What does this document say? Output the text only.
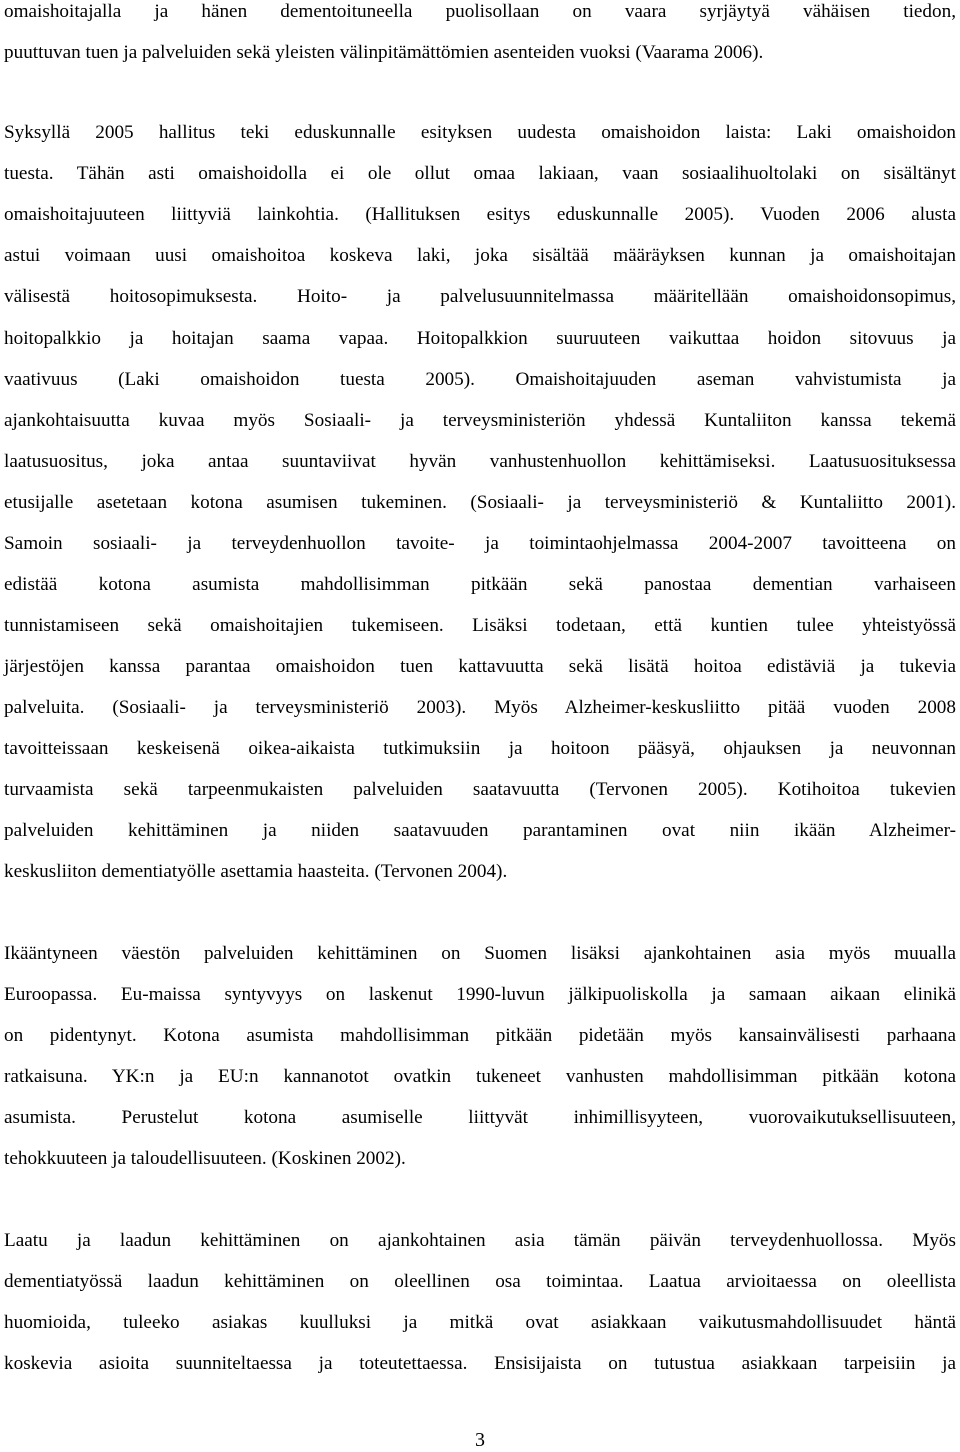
omaishoitajalla ja hänen dementoituneella puolisollaan on vaara syrjäytyä vähäisen tiedon,
puuttuvan tuen ja palveluiden sekä yleisten välinpitämättömien asenteiden vuoksi (Vaarama 2006).
Syksyllä 2005 hallitus teki eduskunnalle esityksen uudesta omaishoidon laista: Laki omaishoidon
tuesta. Tähän asti omaishoidolla ei ole ollut omaa lakiaan, vaan sosiaalihuoltolaki on sisältänyt
omaishoitajuuteen liittyviä lainkohtia. (Hallituksen esitys eduskunnalle 2005). Vuoden 2006 alusta
astui voimaan uusi omaishoitoa koskeva laki, joka sisältää määräyksen kunnan ja omaishoitajan
välisestä hoitosopimuksesta. Hoito- ja palvelusuunnitelmassa määritellään omaishoidonsopimus,
hoitopalkkio ja hoitajan saama vapaa. Hoitopalkkion suuruuteen vaikuttaa hoidon sitovuus ja
vaativuus (Laki omaishoidon tuesta 2005). Omaishoitajuuden aseman vahvistumista ja
ajankohtaisuutta kuvaa myös Sosiaali- ja terveysministeriön yhdessä Kuntaliiton kanssa tekemä
laatusuositus, joka antaa suuntaviivat hyvän vanhustenhuollon kehittämiseksi. Laatusuosituksessa
etusijalle asetetaan kotona asumisen tukeminen. (Sosiaali- ja terveysministeriö & Kuntaliitto 2001).
Samoin sosiaali- ja terveydenhuollon tavoite- ja toimintaohjelmassa 2004-2007 tavoitteena on
edistää kotona asumista mahdollisimman pitkään sekä panostaa dementian varhaiseen
tunnistamiseen sekä omaishoitajien tukemiseen. Lisäksi todetaan, että kuntien tulee yhteistyössä
järjestöjen kanssa parantaa omaishoidon tuen kattavuutta sekä lisätä hoitoa edistäviä ja tukevia
palveluita. (Sosiaali- ja terveysministeriö 2003). Myös Alzheimer-keskusliitto pitää vuoden 2008
tavoitteissaan keskeisenä oikea-aikaista tutkimuksiin ja hoitoon pääsyä, ohjauksen ja neuvonnan
turvaamista sekä tarpeenmukaisten palveluiden saatavuutta (Tervonen 2005). Kotihoitoa tukevien
palveluiden kehittäminen ja niiden saatavuuden parantaminen ovat niin ikään Alzheimer-
keskusliiton dementiatyölle asettamia haasteita. (Tervonen 2004).
Ikääntyneen väestön palveluiden kehittäminen on Suomen lisäksi ajankohtainen asia myös muualla
Euroopassa. Eu-maissa syntyvyys on laskenut 1990-luvun jälkipuoliskolla ja samaan aikaan elinikä
on pidentynyt. Kotona asumista mahdollisimman pitkään pidetään myös kansainvälisesti parhaana
ratkaisuna. YK:n ja EU:n kannanotot ovatkin tukeneet vanhusten mahdollisimman pitkään kotona
asumista. Perustelut kotona asumiselle liittyvät inhimillisyyteen, vuorovaikutuksellisuuteen,
tehokkuuteen ja taloudellisuuteen. (Koskinen 2002).
Laatu ja laadun kehittäminen on ajankohtainen asia tämän päivän terveydenhuollossa. Myös
dementiatyössä laadun kehittäminen on oleellinen osa toimintaa. Laatua arvioitaessa on oleellista
huomioida, tuleeko asiakas kuulluksi ja mitkä ovat asiakkaan vaikutusmahdollisuudet häntä
koskevia asioita suunniteltaessa ja toteutettaessa. Ensisijaista on tutustua asiakkaan tarpeisiin ja
3
